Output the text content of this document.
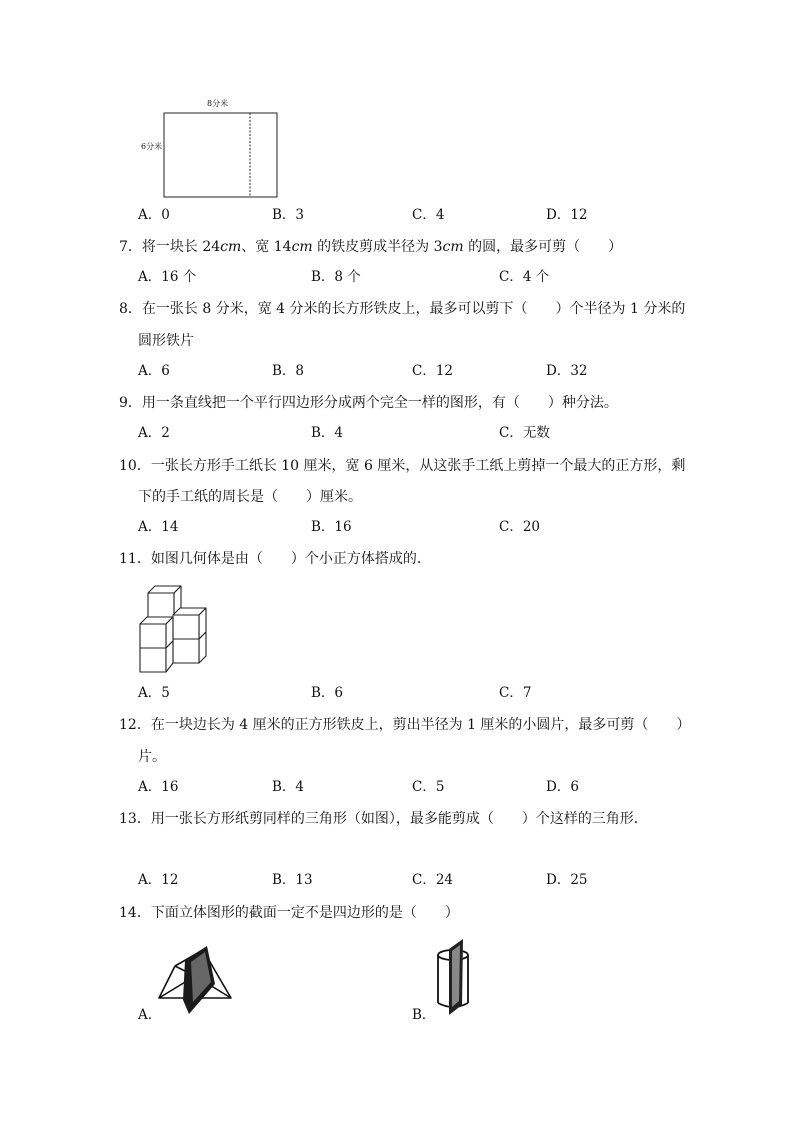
8分米
6分米
A．0	B．3	C．4	D．12
7．将一块长 24cm、宽 14cm 的铁皮剪成半径为 3cm 的圆，最多可剪（　　）
A．16 个	B．8 个	C．4 个
8．在一张长 8 分米，宽 4 分米的长方形铁皮上，最多可以剪下（　　）个半径为 1 分米的
圆形铁片
A．6	B．8	C．12	D．32
9．用一条直线把一个平行四边形分成两个完全一样的图形，有（　　）种分法。
A．2	B．4	C．无数
10．一张长方形手工纸长 10 厘米，宽 6 厘米，从这张手工纸上剪掉一个最大的正方形，剩
下的手工纸的周长是（　　）厘米。
A．14	B．16	C．20
11．如图几何体是由（　　）个小正方体搭成的．
A．5	B．6	C．7
12．在一块边长为 4 厘米的正方形铁皮上，剪出半径为 1 厘米的小圆片，最多可剪（　　）
片。
A．16	B．4	C．5	D．6
13．用一张长方形纸剪同样的三角形（如图），最多能剪成（　　）个这样的三角形．
A．12	B．13	C．24	D．25
14．下面立体图形的截面一定不是四边形的是（　　）
A．	B．
